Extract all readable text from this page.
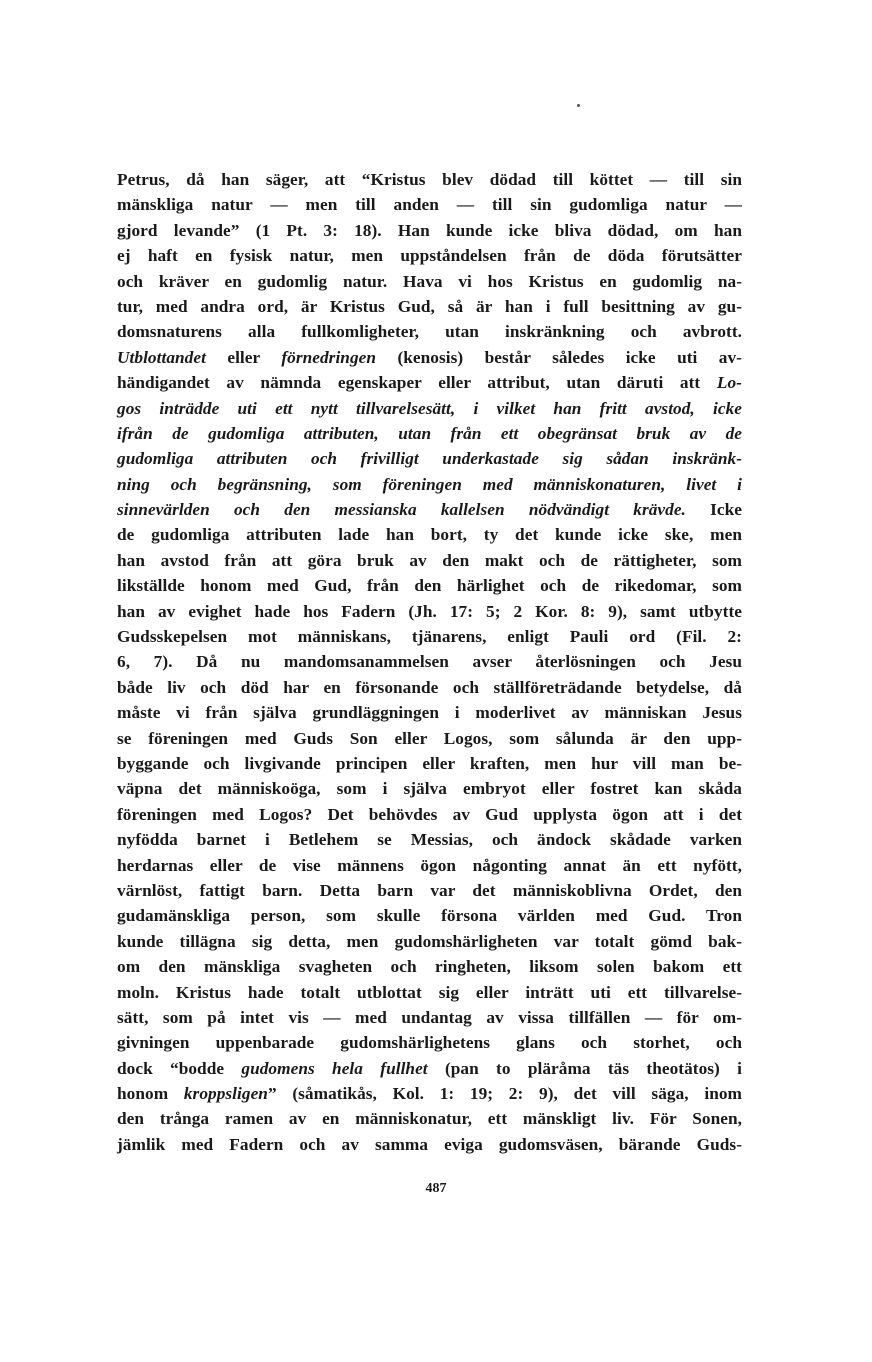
Petrus, då han säger, att “Kristus blev dödad till köttet — till sin
mänskliga natur — men till anden — till sin gudomliga natur —
gjord levande” (1 Pt. 3: 18). Han kunde icke bliva dödad, om han
ej haft en fysisk natur, men uppståndelsen från de döda förutsätter
och kräver en gudomlig natur. Hava vi hos Kristus en gudomlig na-
tur, med andra ord, är Kristus Gud, så är han i full besittning av gu-
domsnaturens alla fullkomligheter, utan inskränkning och avbrott.
Utblottandet eller förnedringen (kenosis) består således icke uti av-
händigandet av nämnda egenskaper eller attribut, utan däruti att Lo-
gos inträdde uti ett nytt tillvarelsesätt, i vilket han fritt avstod, icke
ifrån de gudomliga attributen, utan från ett obegränsat bruk av de
gudomliga attributen och frivilligt underkastade sig sådan inskränk-
ning och begränsning, som föreningen med människonaturen, livet i
sinnevärlden och den messianska kallelsen nödvändigt krävde. Icke
de gudomliga attributen lade han bort, ty det kunde icke ske, men
han avstod från att göra bruk av den makt och de rättigheter, som
likställde honom med Gud, från den härlighet och de rikedomar, som
han av evighet hade hos Fadern (Jh. 17: 5; 2 Kor. 8: 9), samt utbytte
Gudsskepelsen mot människans, tjänarens, enligt Pauli ord (Fil. 2:
6, 7). Då nu mandomsanammelsen avser återlösningen och Jesu
både liv och död har en försonande och ställföreträdande betydelse, då
måste vi från själva grundläggningen i moderlivet av människan Jesus
se föreningen med Guds Son eller Logos, som sålunda är den upp-
byggande och livgivande principen eller kraften, men hur vill man be-
väpna det människoöga, som i själva embryot eller fostret kan skåda
föreningen med Logos? Det behövdes av Gud upplysta ögon att i det
nyfödda barnet i Betlehem se Messias, och ändock skådade varken
herdarnas eller de vise männens ögon någonting annat än ett nyfött,
värnlöst, fattigt barn. Detta barn var det människoblivna Ordet, den
gudamänskliga person, som skulle försona världen med Gud. Tron
kunde tillägna sig detta, men gudomshärligheten var totalt gömd bak-
om den mänskliga svagheten och ringheten, liksom solen bakom ett
moln. Kristus hade totalt utblottat sig eller inträtt uti ett tillvarelse-
sätt, som på intet vis — med undantag av vissa tillfällen — för om-
givningen uppenbarade gudomshärlighetens glans och storhet, och
dock “bodde gudomens hela fullhet (pan to pläråma täs theotätos) i
honom kroppsligen” (såmatikås, Kol. 1: 19; 2: 9), det vill säga, inom
den trånga ramen av en människonatur, ett mänskligt liv. För Sonen,
jämlik med Fadern och av samma eviga gudomsväsen, bärande Guds-
487
